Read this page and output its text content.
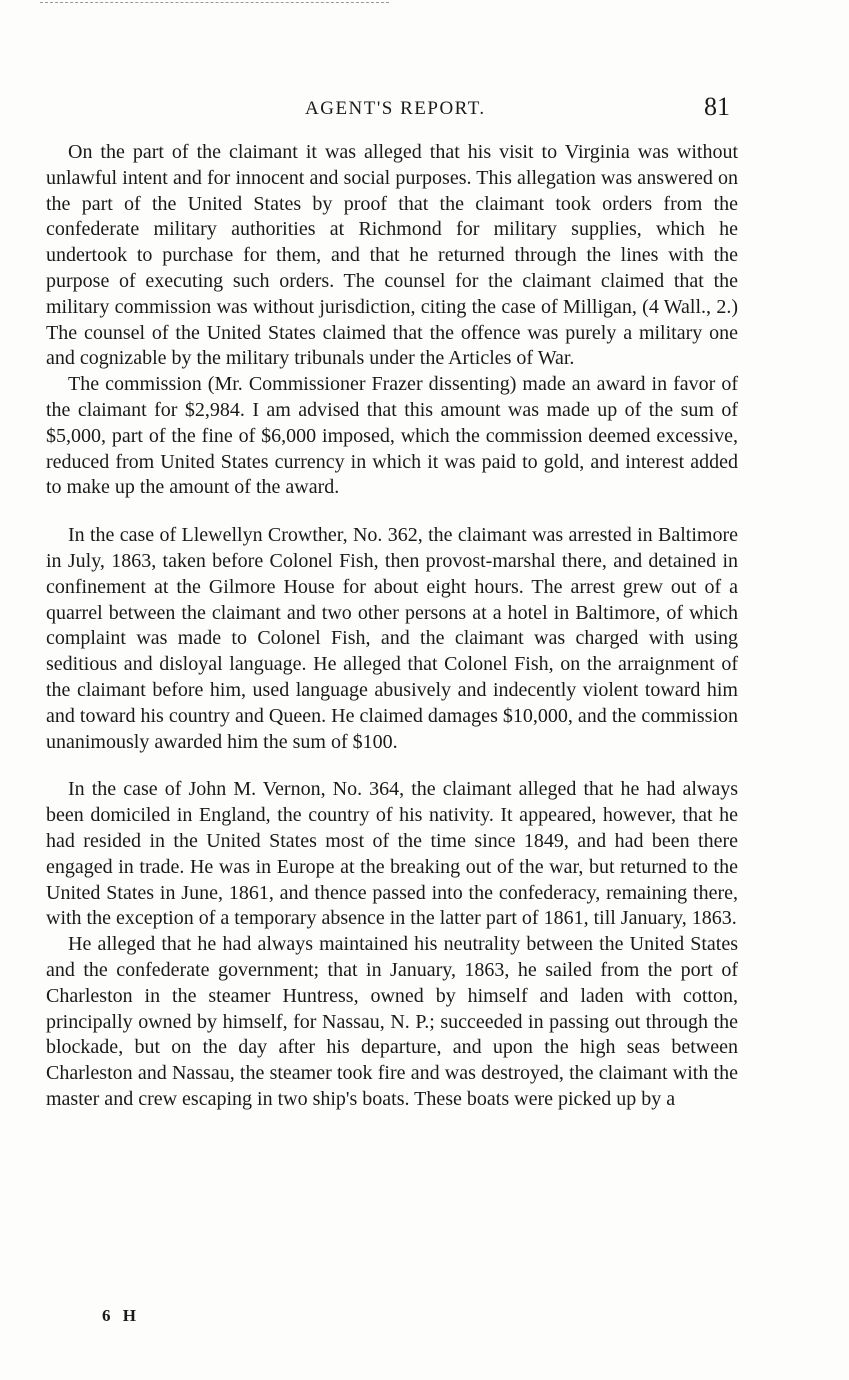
AGENT'S REPORT.	81

On the part of the claimant it was alleged that his visit to Virginia was without unlawful intent and for innocent and social purposes. This allegation was answered on the part of the United States by proof that the claimant took orders from the confederate military authorities at Richmond for military supplies, which he undertook to purchase for them, and that he returned through the lines with the purpose of executing such orders. The counsel for the claimant claimed that the military commission was without jurisdiction, citing the case of Milligan, (4 Wall., 2.) The counsel of the United States claimed that the offence was purely a military one and cognizable by the military tribunals under the Articles of War.

The commission (Mr. Commissioner Frazer dissenting) made an award in favor of the claimant for $2,984. I am advised that this amount was made up of the sum of $5,000, part of the fine of $6,000 imposed, which the commission deemed excessive, reduced from United States currency in which it was paid to gold, and interest added to make up the amount of the award.

In the case of Llewellyn Crowther, No. 362, the claimant was arrested in Baltimore in July, 1863, taken before Colonel Fish, then provost-marshal there, and detained in confinement at the Gilmore House for about eight hours. The arrest grew out of a quarrel between the claimant and two other persons at a hotel in Baltimore, of which complaint was made to Colonel Fish, and the claimant was charged with using seditious and disloyal language. He alleged that Colonel Fish, on the arraignment of the claimant before him, used language abusively and indecently violent toward him and toward his country and Queen. He claimed damages $10,000, and the commission unanimously awarded him the sum of $100.

In the case of John M. Vernon, No. 364, the claimant alleged that he had always been domiciled in England, the country of his nativity. It appeared, however, that he had resided in the United States most of the time since 1849, and had been there engaged in trade. He was in Europe at the breaking out of the war, but returned to the United States in June, 1861, and thence passed into the confederacy, remaining there, with the exception of a temporary absence in the latter part of 1861, till January, 1863.

He alleged that he had always maintained his neutrality between the United States and the confederate government; that in January, 1863, he sailed from the port of Charleston in the steamer Huntress, owned by himself and laden with cotton, principally owned by himself, for Nassau, N. P.; succeeded in passing out through the blockade, but on the day after his departure, and upon the high seas between Charleston and Nassau, the steamer took fire and was destroyed, the claimant with the master and crew escaping in two ship's boats. These boats were picked up by a

6 H
